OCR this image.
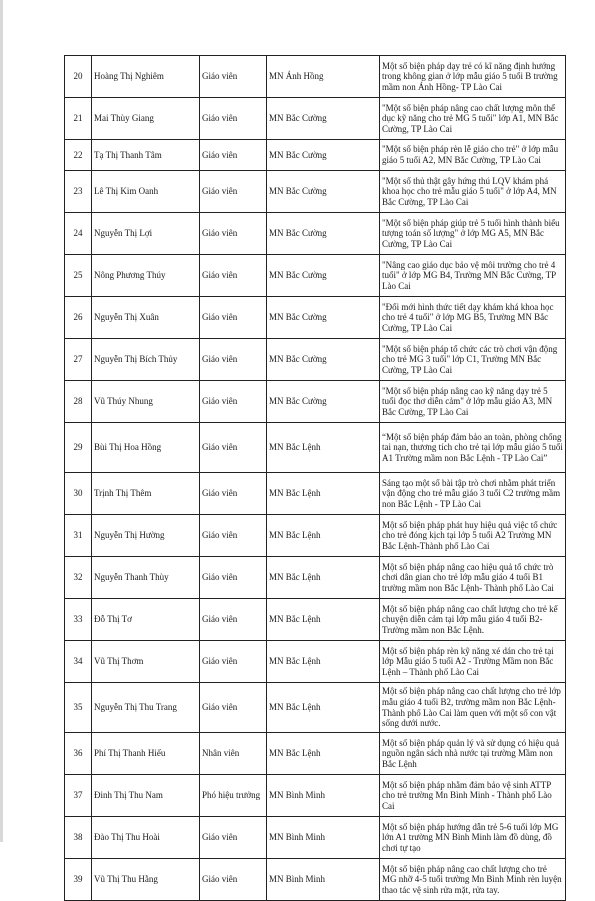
20	Hoàng Thị Nghiêm	Giáo viên	MN Ánh Hồng	Một số biện pháp dạy trẻ có kĩ năng định hướng trong không gian ở lớp mẫu giáo 5 tuổi B trường mầm non Ánh Hồng- TP Lào Cai
21	Mai Thùy Giang	Giáo viên	MN Bắc Cường	"Một số biện pháp nâng cao chất lượng môn thể dục kỹ năng cho trẻ MG 5 tuổi" lớp A1, MN Bắc Cường, TP Lào Cai
22	Tạ Thị Thanh Tâm	Giáo viên	MN Bắc Cường	"Một số biện pháp rèn lễ giáo cho trẻ" ở lớp mẫu giáo 5 tuổi A2, MN Bắc Cường, TP Lào Cai
23	Lê Thị Kim Oanh	Giáo viên	MN Bắc Cường	"Một số thủ thật gây hứng thú LQV khám phá khoa học cho trẻ mẫu giáo 5 tuổi" ở lớp A4, MN Bắc Cường, TP Lào Cai
24	Nguyễn Thị Lợi	Giáo viên	MN Bắc Cường	"Một số biện pháp giúp trẻ 5 tuổi hình thành biểu tượng toán số lượng" ở lớp MG A5, MN Bắc Cường, TP Lào Cai
25	Nông Phương Thúy	Giáo viên	MN Bắc Cường	"Nâng cao giáo dục bảo vệ môi trường cho trẻ 4 tuổi" ở lớp MG B4, Trường MN Bắc Cường, TP Lào Cai
26	Nguyễn Thị Xuân	Giáo viên	MN Bắc Cường	"Đổi mới hình thức tiết dạy khám khá khoa học cho trẻ 4 tuổi" ở lớp MG B5, Trường MN Bắc Cường, TP Lào Cai
27	Nguyễn Thị Bích Thủy	Giáo viên	MN Bắc Cường	"Một số biện pháp tổ chức các trò chơi vận động cho trẻ MG 3 tuổi" lớp C1, Trường MN Bắc Cường, TP Lào Cai
28	Vũ Thúy Nhung	Giáo viên	MN Bắc Cường	"Một số biện pháp nâng cao kỹ năng dạy trẻ 5 tuổi đọc thơ diễn cảm" ở lớp mẫu giáo A3, MN Bắc Cường, TP Lào Cai
29	Bùi Thị Hoa Hồng	Giáo viên	MN Bắc Lệnh	“Một số biện pháp đảm bảo an toàn, phòng chống tai nạn, thương tích cho trẻ tại lớp mẫu giáo 5 tuổi A1 Trường mầm non Bắc Lệnh - TP Lào Cai”
30	Trịnh Thị Thêm	Giáo viên	MN Bắc Lệnh	Sáng tạo một số bài tập trò chơi nhằm phát triển vận động cho trẻ mẫu giáo 3 tuổi C2 trường mầm non Bắc Lệnh - TP Lào Cai
31	Nguyễn Thị Hường	Giáo viên	MN Bắc Lệnh	Một số biện pháp phát huy hiệu quả việc tổ chức cho trẻ đóng kịch tại lớp 5 tuổi A2 Trường MN Bắc Lệnh-Thành phố Lào Cai
32	Nguyễn Thanh Thùy	Giáo viên	MN Bắc Lệnh	Một số biện pháp nâng cao hiệu quả tổ chức trò chơi dân gian cho trẻ lớp mẫu giáo 4 tuổi B1 trường mầm non Bắc Lệnh- Thành phố Lào Cai
33	Đỗ Thị Tơ	Giáo viên	MN Bắc Lệnh	Một số biện pháp nâng cao chất lượng cho trẻ kể chuyện diễn cảm tại lớp mẫu giáo 4 tuổi B2- Trường mầm non Bắc Lệnh.
34	Vũ Thị Thơm	Giáo viên	MN Bắc Lệnh	Một số biện pháp rèn kỹ năng xé dán cho trẻ tại lớp Mẫu giáo 5 tuổi A2 - Trường Mầm non Bắc Lệnh – Thành phố Lào Cai
35	Nguyễn Thị Thu Trang	Giáo viên	MN Bắc Lệnh	Một số biện pháp nâng cao chất lượng cho trẻ lớp mẫu giáo 4 tuổi B2, trường mầm non Bắc Lệnh- Thành phố Lào Cai làm quen với một số con vật sống dưới nước.
36	Phí Thị Thanh Hiếu	Nhân viên	MN Bắc Lệnh	Một số biện pháp quản lý và sử dụng có hiệu quả nguồn ngân sách nhà nước tại trường Mầm non Bắc Lệnh
37	Đinh Thị Thu Nam	Phó hiệu trưởng	MN Bình Minh	Một số biện pháp nhằm đảm bảo vệ sinh ATTP cho trẻ trường Mn Bình Minh - Thành phố Lào Cai
38	Đào Thị Thu Hoài	Giáo viên	MN Bình Minh	Một số biện pháp hướng dẫn trẻ 5-6 tuổi lớp MG lớn A1 trường MN Bình Minh làm đồ dùng, đồ chơi tự tạo
39	Vũ Thị Thu Hằng	Giáo viên	MN Bình Minh	Một số biện pháp nâng cao chất lượng cho trẻ MG nhỡ 4-5 tuổi trường Mn Bình Minh rèn luyện thao tác vệ sinh rửa mặt, rửa tay.
